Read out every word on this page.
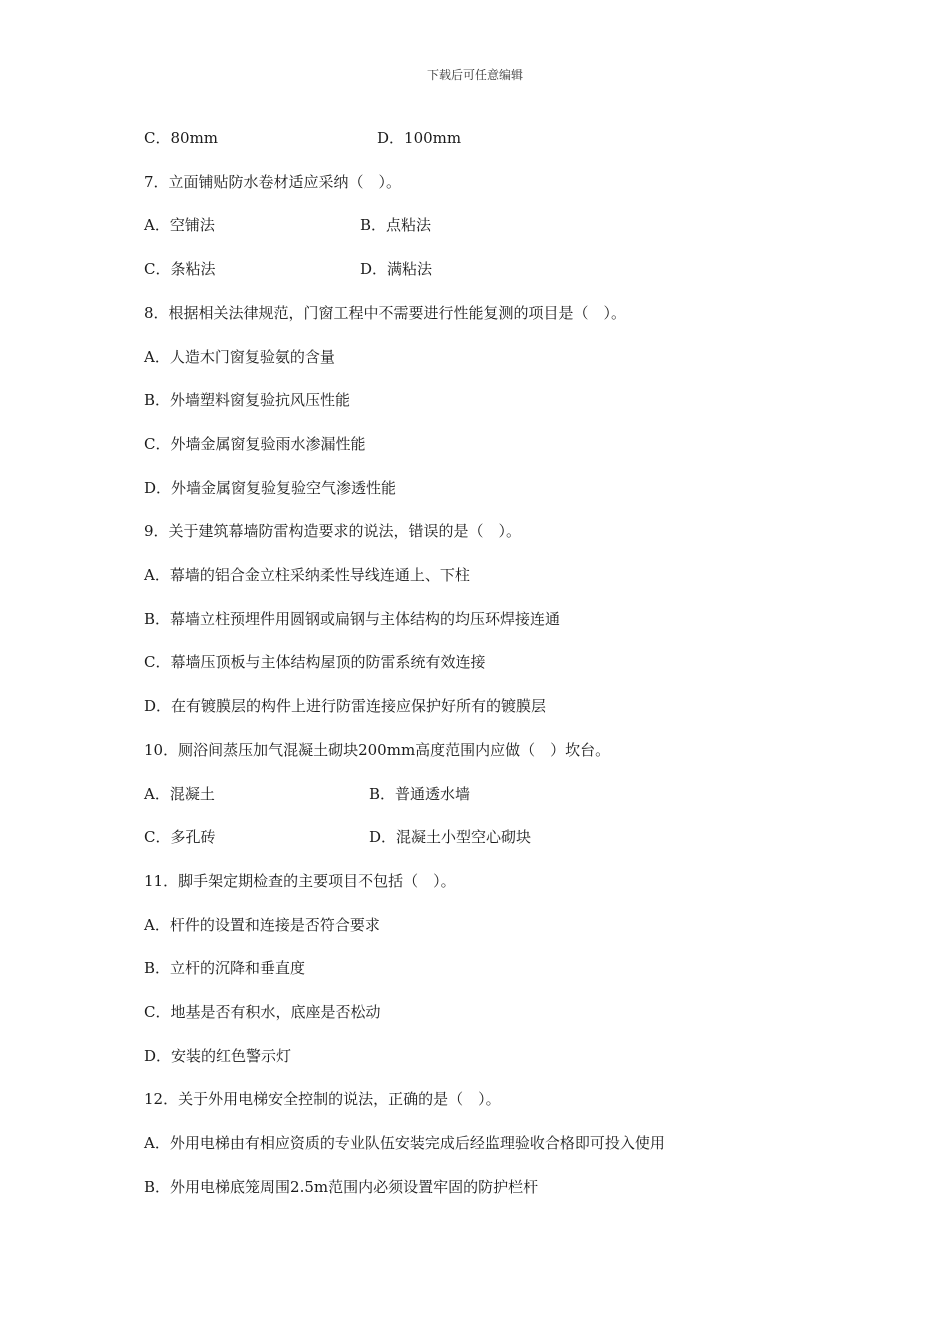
下载后可任意编辑
C．80mm	D．100mm
7．立面铺贴防水卷材适应采纳（　）。
A．空铺法	B．点粘法
C．条粘法	D．满粘法
8．根据相关法律规范，门窗工程中不需要进行性能复测的项目是（　）。
A．人造木门窗复验氨的含量
B．外墙塑料窗复验抗风压性能
C．外墙金属窗复验雨水渗漏性能
D．外墙金属窗复验复验空气渗透性能
9．关于建筑幕墙防雷构造要求的说法，错误的是（　）。
A．幕墙的铝合金立柱采纳柔性导线连通上、下柱
B．幕墙立柱预埋件用圆钢或扁钢与主体结构的均压环焊接连通
C．幕墙压顶板与主体结构屋顶的防雷系统有效连接
D．在有镀膜层的构件上进行防雷连接应保护好所有的镀膜层
10．厕浴间蒸压加气混凝土砌块200mm高度范围内应做（　）坎台。
A．混凝土	B．普通透水墙
C．多孔砖	D．混凝土小型空心砌块
11．脚手架定期检查的主要项目不包括（　）。
A．杆件的设置和连接是否符合要求
B．立杆的沉降和垂直度
C．地基是否有积水，底座是否松动
D．安装的红色警示灯
12．关于外用电梯安全控制的说法，正确的是（　）。
A．外用电梯由有相应资质的专业队伍安装完成后经监理验收合格即可投入使用
B．外用电梯底笼周围2.5m范围内必须设置牢固的防护栏杆
